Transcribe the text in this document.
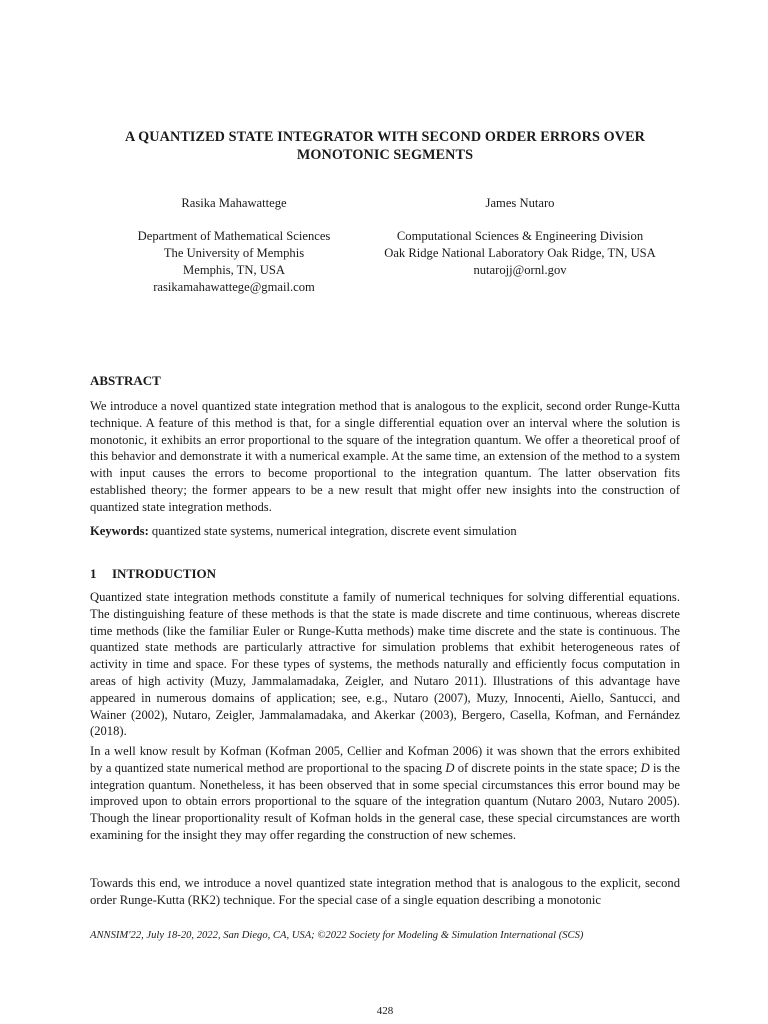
A QUANTIZED STATE INTEGRATOR WITH SECOND ORDER ERRORS OVER MONOTONIC SEGMENTS
Rasika Mahawattege
Department of Mathematical Sciences
The University of Memphis
Memphis, TN, USA
rasikamahawattege@gmail.com
James Nutaro
Computational Sciences & Engineering Division
Oak Ridge National Laboratory Oak Ridge, TN, USA
nutarojj@ornl.gov
ABSTRACT
We introduce a novel quantized state integration method that is analogous to the explicit, second order Runge-Kutta technique. A feature of this method is that, for a single differential equation over an interval where the solution is monotonic, it exhibits an error proportional to the square of the integration quantum. We offer a theoretical proof of this behavior and demonstrate it with a numerical example. At the same time, an extension of the method to a system with input causes the errors to become proportional to the integration quantum. The latter observation fits established theory; the former appears to be a new result that might offer new insights into the construction of quantized state integration methods.
Keywords: quantized state systems, numerical integration, discrete event simulation
1 INTRODUCTION
Quantized state integration methods constitute a family of numerical techniques for solving differential equations. The distinguishing feature of these methods is that the state is made discrete and time continuous, whereas discrete time methods (like the familiar Euler or Runge-Kutta methods) make time discrete and the state is continuous. The quantized state methods are particularly attractive for simulation problems that exhibit heterogeneous rates of activity in time and space. For these types of systems, the methods naturally and efficiently focus computation in areas of high activity (Muzy, Jammalamadaka, Zeigler, and Nutaro 2011). Illustrations of this advantage have appeared in numerous domains of application; see, e.g., Nutaro (2007), Muzy, Innocenti, Aiello, Santucci, and Wainer (2002), Nutaro, Zeigler, Jammalamadaka, and Akerkar (2003), Bergero, Casella, Kofman, and Fernández (2018).
In a well know result by Kofman (Kofman 2005, Cellier and Kofman 2006) it was shown that the errors exhibited by a quantized state numerical method are proportional to the spacing D of discrete points in the state space; D is the integration quantum. Nonetheless, it has been observed that in some special circumstances this error bound may be improved upon to obtain errors proportional to the square of the integration quantum (Nutaro 2003, Nutaro 2005). Though the linear proportionality result of Kofman holds in the general case, these special circumstances are worth examining for the insight they may offer regarding the construction of new schemes.
Towards this end, we introduce a novel quantized state integration method that is analogous to the explicit, second order Runge-Kutta (RK2) technique. For the special case of a single equation describing a monotonic
ANNSIM'22, July 18-20, 2022, San Diego, CA, USA; ©2022 Society for Modeling & Simulation International (SCS)
428
